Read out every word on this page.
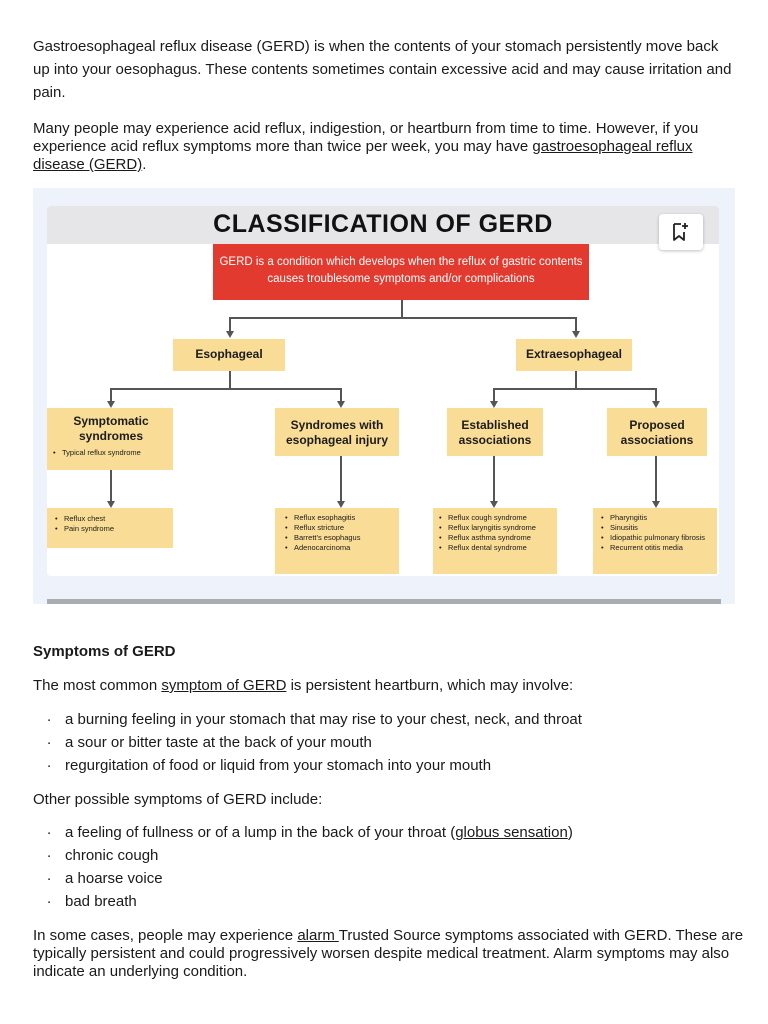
Gastroesophageal reflux disease (GERD) is when the contents of your stomach persistently move back up into your oesophagus. These contents sometimes contain excessive acid and may cause irritation and pain.

Many people may experience acid reflux, indigestion, or heartburn from time to time. However, if you experience acid reflux symptoms more than twice per week, you may have gastroesophageal reflux disease (GERD).

CLASSIFICATION OF GERD
GERD is a condition which develops when the reflux of gastric contents causes troublesome symptoms and/or complications
Esophageal	Extraesophageal
Symptomatic syndromes
• Typical reflux syndrome
Syndromes with esophageal injury
Established associations
Proposed associations
• Reflux chest
• Pain syndrome
• Reflux esophagitis
• Reflux stricture
• Barrett's esophagus
• Adenocarcinoma
• Reflux cough syndrome
• Reflux laryngitis syndrome
• Reflux asthma syndrome
• Reflux dental syndrome
• Pharyngitis
• Sinusitis
• Idiopathic pulmonary fibrosis
• Recurrent otitis media
Symptoms of GERD

The most common symptom of GERD is persistent heartburn, which may involve:

. a burning feeling in your stomach that may rise to your chest, neck, and throat
. a sour or bitter taste at the back of your mouth
. regurgitation of food or liquid from your stomach into your mouth

Other possible symptoms of GERD include:

. a feeling of fullness or of a lump in the back of your throat (globus sensation)
. chronic cough
. a hoarse voice
. bad breath

In some cases, people may experience alarm Trusted Source symptoms associated with GERD. These are typically persistent and could progressively worsen despite medical treatment. Alarm symptoms may also indicate an underlying condition.
